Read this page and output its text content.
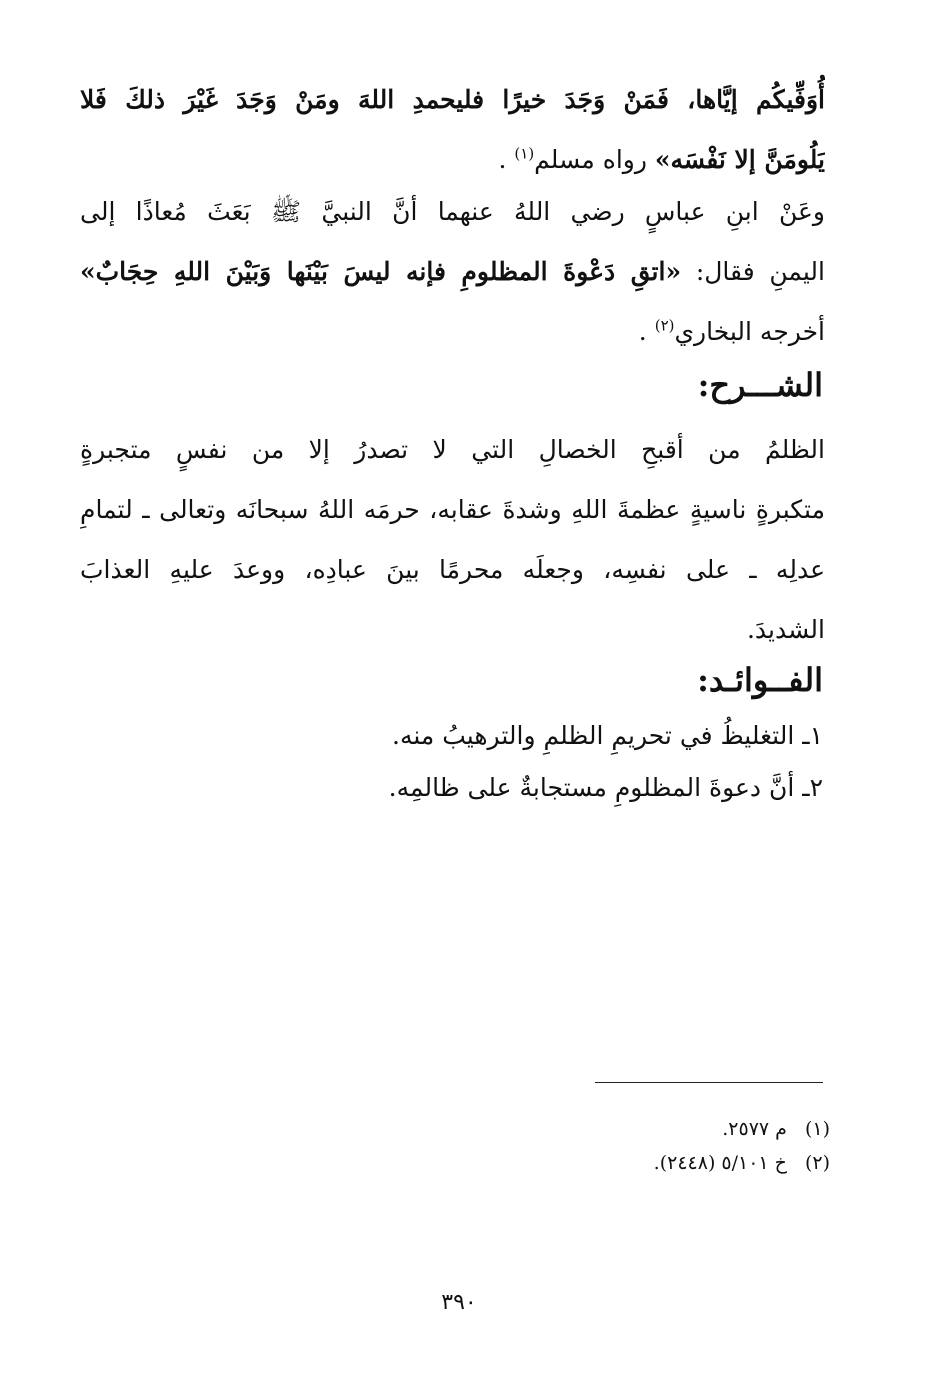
أُوَفِّيكُم إيَّاها، فَمَنْ وَجَدَ خيرًا فليحمدِ اللهَ ومَنْ وَجَدَ غَيْرَ ذلكَ فَلا
يَلُومَنَّ إلا نَفْسَه» رواه مسلم$^{(١)}$ .
وعَنْ ابنِ عباسٍ رضي اللهُ عنهما أنَّ النبيَّ ﷺ بَعَثَ مُعاذًا إلى
اليمنِ فقال: «اتقِ دَعْوةَ المظلومِ فإنه ليسَ بَيْنَها وَبَيْنَ اللهِ حِجَابٌ»
أخرجه البخاري$^{(٢)}$ .
الشـــرح:
الظلمُ من أقبحِ الخصالِ التي لا تصدرُ إلا من نفسٍ متجبرةٍ
متكبرةٍ ناسيةٍ عظمةَ اللهِ وشدةَ عقابه، حرمَه اللهُ سبحانَه وتعالى ـ لتمامِ
عدلِه ـ على نفسِه، وجعلَه محرمًا بينَ عبادِه، ووعدَ عليهِ العذابَ
الشديدَ.
الفــوائـد:
١ـ التغليظُ في تحريمِ الظلمِ والترهيبُ منه.
٢ـ أنَّ دعوةَ المظلومِ مستجابةٌ على ظالمِه.
(١)م ٢٥٧٧.
(٢)خ ٥/١٠١ (٢٤٤٨).
٣٩٠
